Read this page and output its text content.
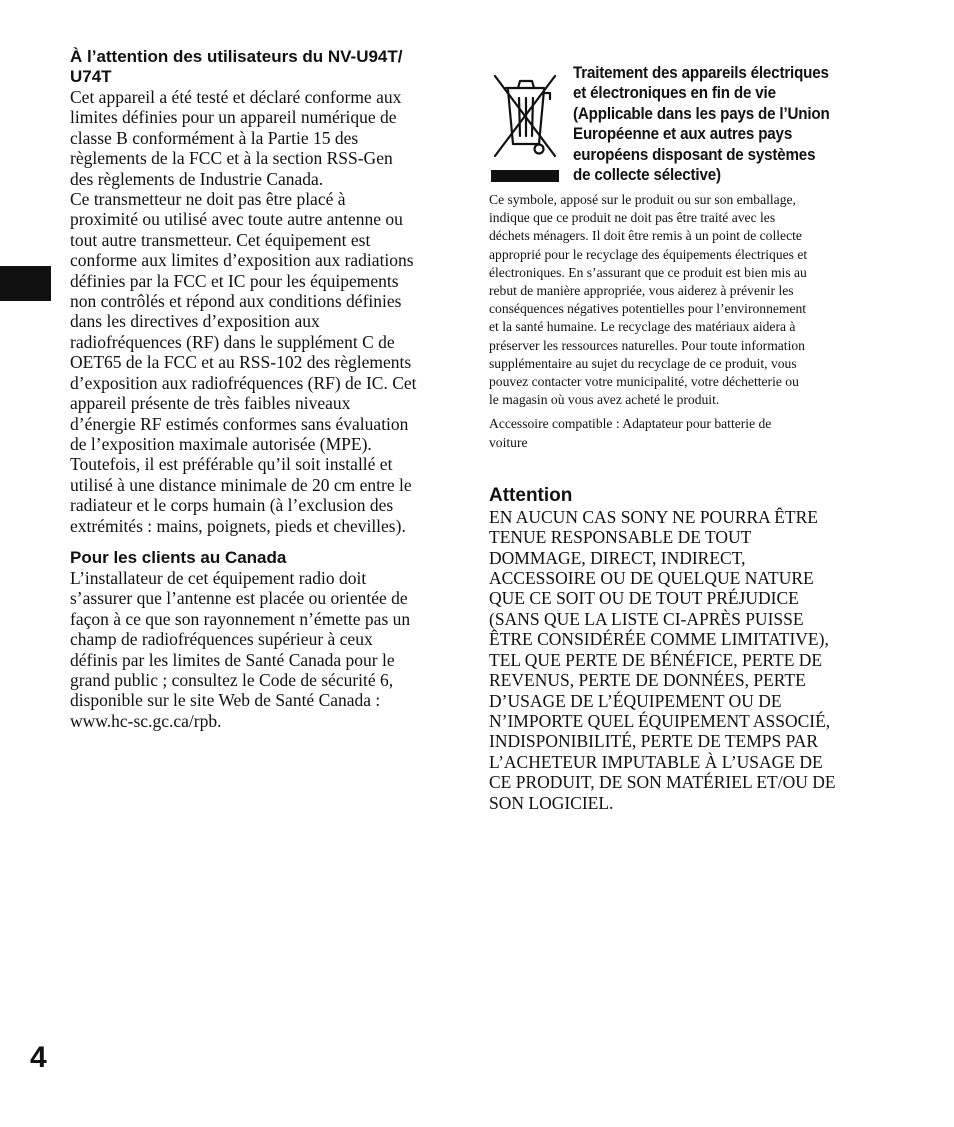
À l’attention des utilisateurs du NV-U94T/
U74T

Cet appareil a été testé et déclaré conforme aux
limites définies pour un appareil numérique de
classe B conformément à la Partie 15 des
règlements de la FCC et à la section RSS-Gen
des règlements de Industrie Canada.
Ce transmetteur ne doit pas être placé à
proximité ou utilisé avec toute autre antenne ou
tout autre transmetteur. Cet équipement est
conforme aux limites d’exposition aux radiations
définies par la FCC et IC pour les équipements
non contrôlés et répond aux conditions définies
dans les directives d’exposition aux
radiofréquences (RF) dans le supplément C de
OET65 de la FCC et au RSS-102 des règlements
d’exposition aux radiofréquences (RF) de IC. Cet
appareil présente de très faibles niveaux
d’énergie RF estimés conformes sans évaluation
de l’exposition maximale autorisée (MPE).
Toutefois, il est préférable qu’il soit installé et
utilisé à une distance minimale de 20 cm entre le
radiateur et le corps humain (à l’exclusion des
extrémités : mains, poignets, pieds et chevilles).

Pour les clients au Canada

L’installateur de cet équipement radio doit
s’assurer que l’antenne est placée ou orientée de
façon à ce que son rayonnement n’émette pas un
champ de radiofréquences supérieur à ceux
définis par les limites de Santé Canada pour le
grand public ; consultez le Code de sécurité 6,
disponible sur le site Web de Santé Canada :
www.hc-sc.gc.ca/rpb.

Traitement des appareils électriques
et électroniques en fin de vie
(Applicable dans les pays de l’Union
Européenne et aux autres pays
européens disposant de systèmes
de collecte sélective)

Ce symbole, apposé sur le produit ou sur son emballage,
indique que ce produit ne doit pas être traité avec les
déchets ménagers. Il doit être remis à un point de collecte
approprié pour le recyclage des équipements électriques et
électroniques. En s’assurant que ce produit est bien mis au
rebut de manière appropriée, vous aiderez à prévenir les
conséquences négatives potentielles pour l’environnement
et la santé humaine. Le recyclage des matériaux aidera à
préserver les ressources naturelles. Pour toute information
supplémentaire au sujet du recyclage de ce produit, vous
pouvez contacter votre municipalité, votre déchetterie ou
le magasin où vous avez acheté le produit.

Accessoire compatible : Adaptateur pour batterie de
voiture

Attention

EN AUCUN CAS SONY NE POURRA ÊTRE
TENUE RESPONSABLE DE TOUT
DOMMAGE, DIRECT, INDIRECT,
ACCESSOIRE OU DE QUELQUE NATURE
QUE CE SOIT OU DE TOUT PRÉJUDICE
(SANS QUE LA LISTE CI-APRÈS PUISSE
ÊTRE CONSIDÉRÉE COMME LIMITATIVE),
TEL QUE PERTE DE BÉNÉFICE, PERTE DE
REVENUS, PERTE DE DONNÉES, PERTE
D’USAGE DE L’ÉQUIPEMENT OU DE
N’IMPORTE QUEL ÉQUIPEMENT ASSOCIÉ,
INDISPONIBILITÉ, PERTE DE TEMPS PAR
L’ACHETEUR IMPUTABLE À L’USAGE DE
CE PRODUIT, DE SON MATÉRIEL ET/OU DE
SON LOGICIEL.

4
